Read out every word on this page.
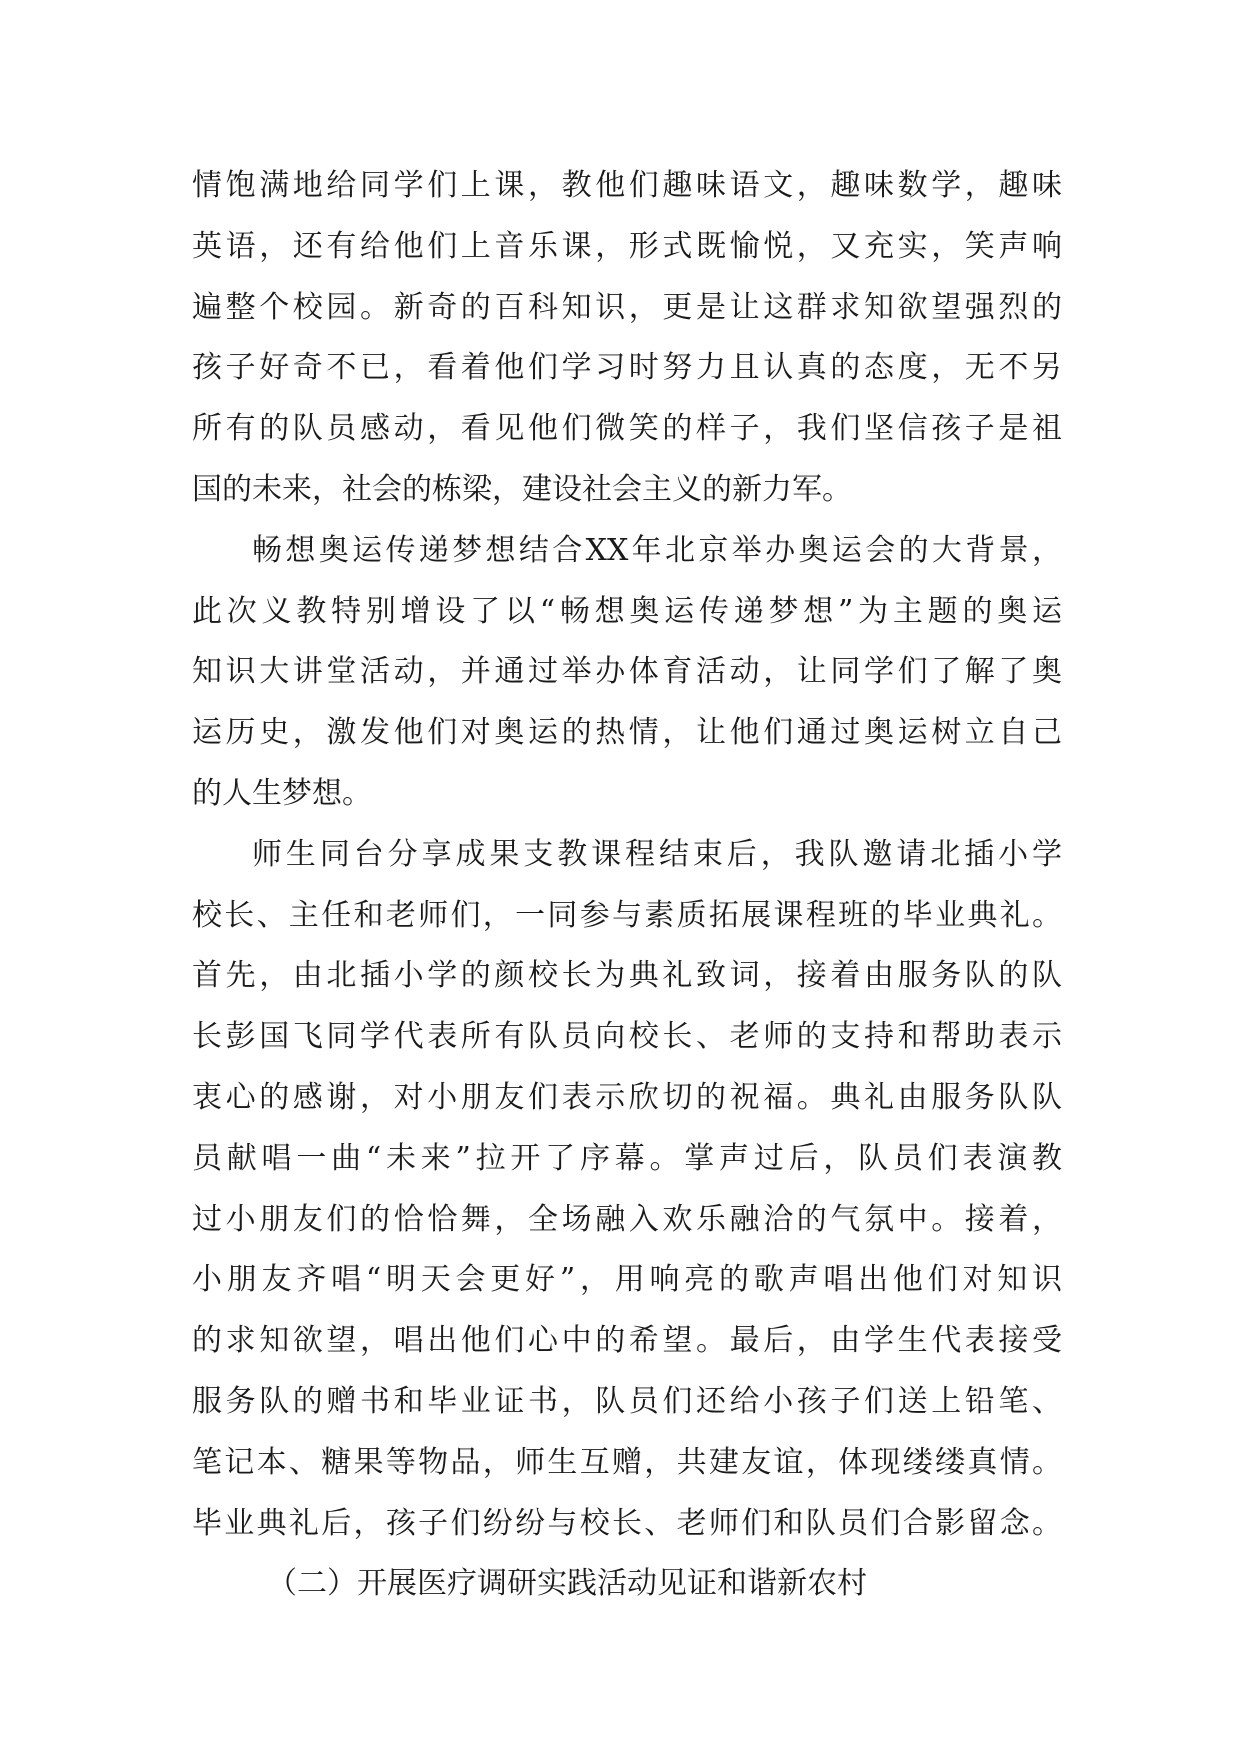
情饱满地给同学们上课，教他们趣味语文，趣味数学，趣味
英语，还有给他们上音乐课，形式既愉悦，又充实，笑声响
遍整个校园。新奇的百科知识，更是让这群求知欲望强烈的
孩子好奇不已，看着他们学习时努力且认真的态度，无不另
所有的队员感动，看见他们微笑的样子，我们坚信孩子是祖
国的未来，社会的栋梁，建设社会主义的新力军。
畅想奥运传递梦想结合XX年北京举办奥运会的大背景，
此次义教特别增设了以“畅想奥运传递梦想”为主题的奥运
知识大讲堂活动，并通过举办体育活动，让同学们了解了奥
运历史，激发他们对奥运的热情，让他们通过奥运树立自己
的人生梦想。
师生同台分享成果支教课程结束后，我队邀请北插小学
校长、主任和老师们，一同参与素质拓展课程班的毕业典礼。
首先，由北插小学的颜校长为典礼致词，接着由服务队的队
长彭国飞同学代表所有队员向校长、老师的支持和帮助表示
衷心的感谢，对小朋友们表示欣切的祝福。典礼由服务队队
员献唱一曲“未来”拉开了序幕。掌声过后，队员们表演教
过小朋友们的恰恰舞，全场融入欢乐融洽的气氛中。接着，
小朋友齐唱“明天会更好”，用响亮的歌声唱出他们对知识
的求知欲望，唱出他们心中的希望。最后，由学生代表接受
服务队的赠书和毕业证书，队员们还给小孩子们送上铅笔、
笔记本、糖果等物品，师生互赠，共建友谊，体现缕缕真情。
毕业典礼后，孩子们纷纷与校长、老师们和队员们合影留念。
（二）开展医疗调研实践活动见证和谐新农村
